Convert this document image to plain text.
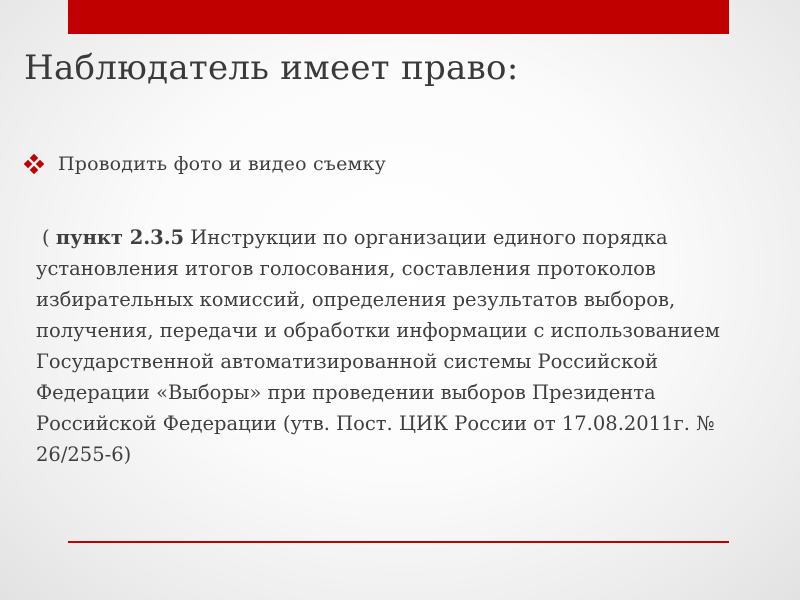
Наблюдатель имеет право:
Проводить фото и видео съемку
( пункт 2.3.5 Инструкции по организации единого порядка установления итогов голосования, составления протоколов избирательных комиссий, определения результатов выборов, получения, передачи и обработки информации с использованием Государственной автоматизированной системы Российской Федерации «Выборы» при проведении выборов Президента Российской Федерации (утв. Пост. ЦИК России от 17.08.2011г. № 26/255-6)
